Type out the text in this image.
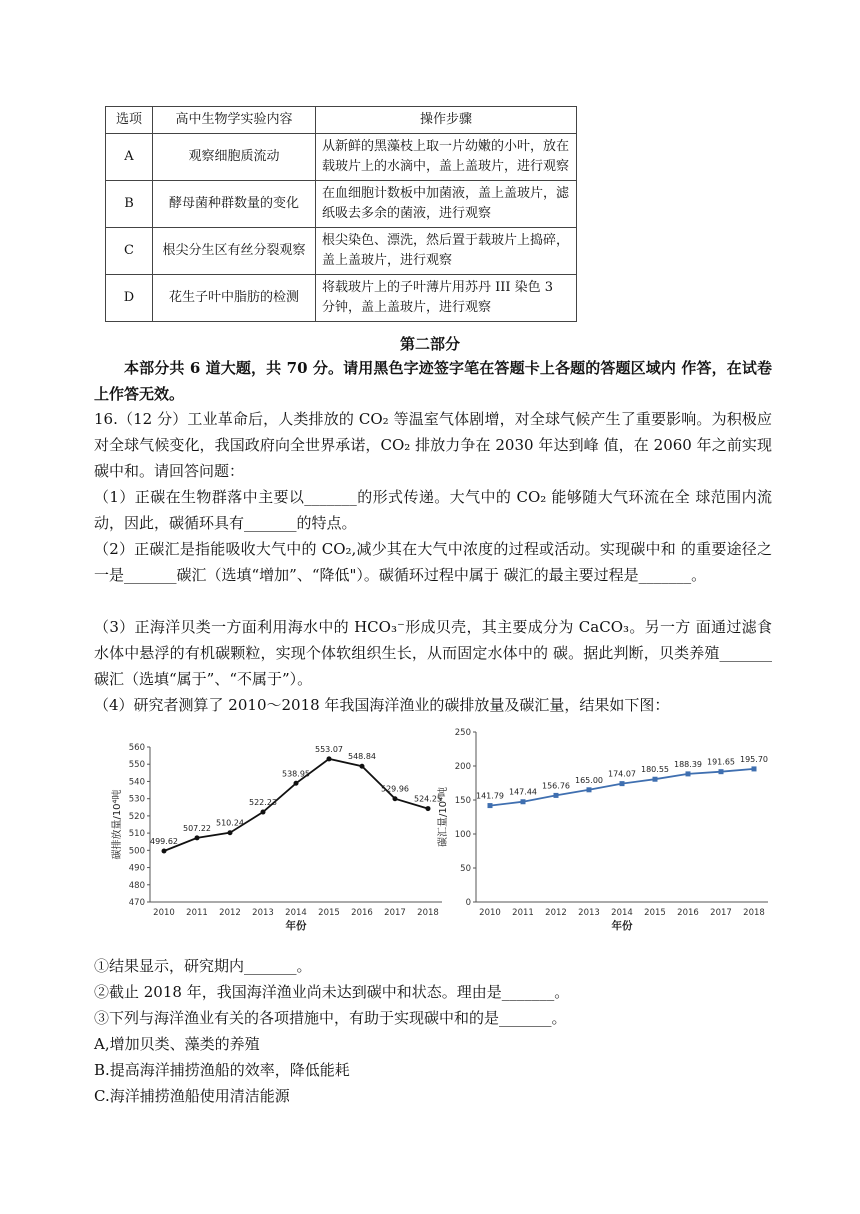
选项	高中生物学实验内容	操作步骤
A	观察细胞质流动	从新鲜的黑藻枝上取一片幼嫩的小叶，放在载玻片上的水滴中，盖上盖玻片，进行观察
B	酵母菌种群数量的变化	在血细胞计数板中加菌液，盖上盖玻片，滤纸吸去多余的菌液，进行观察
C	根尖分生区有丝分裂观察	根尖染色、漂洗，然后置于载玻片上捣碎，盖上盖玻片，进行观察
D	花生子叶中脂肪的检测	将载玻片上的子叶薄片用苏丹 III 染色 3 分钟，盖上盖玻片，进行观察
第二部分
本部分共 6 道大题，共 70 分。请用黑色字迹签字笔在答题卡上各题的答题区域内 作答，在试卷上作答无效。
16.（12 分）工业革命后，人类排放的 CO₂ 等温室气体剧增，对全球气候产生了重要影响。为积极应对全球气候变化，我国政府向全世界承诺，CO₂ 排放力争在 2030 年达到峰 值，在 2060 年之前实现碳中和。请回答问题：
（1）正碳在生物群落中主要以_______的形式传递。大气中的 CO₂ 能够随大气环流在全 球范围内流动，因此，碳循环具有_______的特点。
（2）正碳汇是指能吸收大气中的 CO₂,减少其在大气中浓度的过程或活动。实现碳中和 的重要途径之一是_______碳汇（选填“增加”、“降低"）。碳循环过程中属于 碳汇的最主要过程是_______。
（3）正海洋贝类一方面利用海水中的 HCO₃⁻形成贝壳，其主要成分为 CaCO₃。另一方 面通过滤食水体中悬浮的有机碳颗粒，实现个体软组织生长，从而固定水体中的 碳。据此判断，贝类养殖_______ 碳汇（选填“属于”、“不属于”）。
（4）研究者测算了 2010～2018 年我国海洋渔业的碳排放量及碳汇量，结果如下图：
470
480
490
500
510
520
530
540
550
560
2010 2011 2012 2013 2014 2015 2016 2017 2018
499.62
507.22
510.24
522.23
538.95
553.07
548.84
529.96
524.25
碳排放量/10⁴吨
年份
0
50
100
150
200
250
2010 2011 2012 2013 2014 2015 2016 2017 2018
141.79 147.44
156.76
165.00
174.07 180.55
188.39 191.65 195.70
碳汇量/10⁴吨
年份
①结果显示，研究期内_______。
②截止 2018 年，我国海洋渔业尚未达到碳中和状态。理由是_______。
③下列与海洋渔业有关的各项措施中，有助于实现碳中和的是_______。
A,增加贝类、藻类的养殖
B.提高海洋捕捞渔船的效率，降低能耗
C.海洋捕捞渔船使用清洁能源
